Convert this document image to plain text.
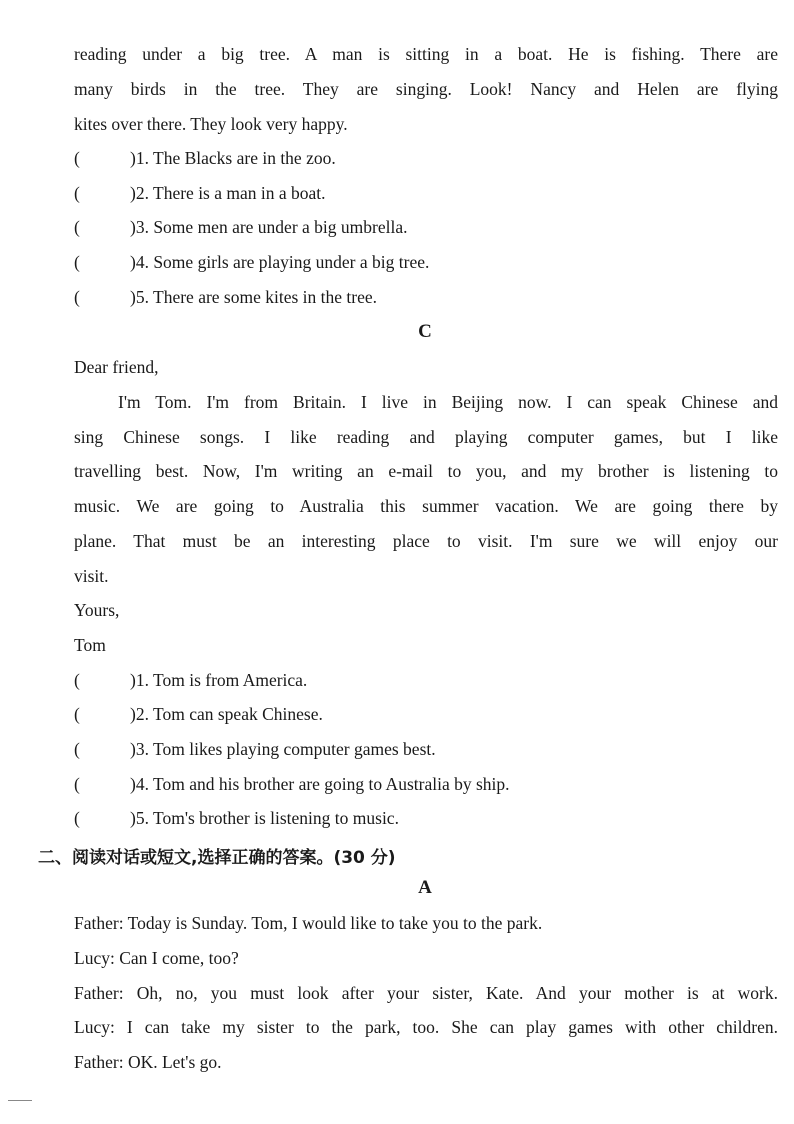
reading under a big tree. A man is sitting in a boat. He is fishing. There are
many birds in the tree. They are singing. Look! Nancy and Helen are flying
kites over there. They look very happy.
(	)1. The Blacks are in the zoo.
(	)2. There is a man in a boat.
(	)3. Some men are under a big umbrella.
(	)4. Some girls are playing under a big tree.
(	)5. There are some kites in the tree.
C
Dear friend,
I'm Tom. I'm from Britain. I live in Beijing now. I can speak Chinese and
sing Chinese songs. I like reading and playing computer games, but I like
travelling best. Now, I'm writing an e-mail to you, and my brother is listening to
music. We are going to Australia this summer vacation. We are going there by
plane. That must be an interesting place to visit. I'm sure we will enjoy our
visit.
Yours,
Tom
(	)1. Tom is from America.
(	)2. Tom can speak Chinese.
(	)3. Tom likes playing computer games best.
(	)4. Tom and his brother are going to Australia by ship.
(	)5. Tom's brother is listening to music.
二、阅读对话或短文,选择正确的答案。(30 分)
A
Father: Today is Sunday. Tom, I would like to take you to the park.
Lucy: Can I come, too?
Father: Oh, no, you must look after your sister, Kate. And your mother is at work.
Lucy: I can take my sister to the park, too. She can play games with other children.
Father: OK. Let's go.
